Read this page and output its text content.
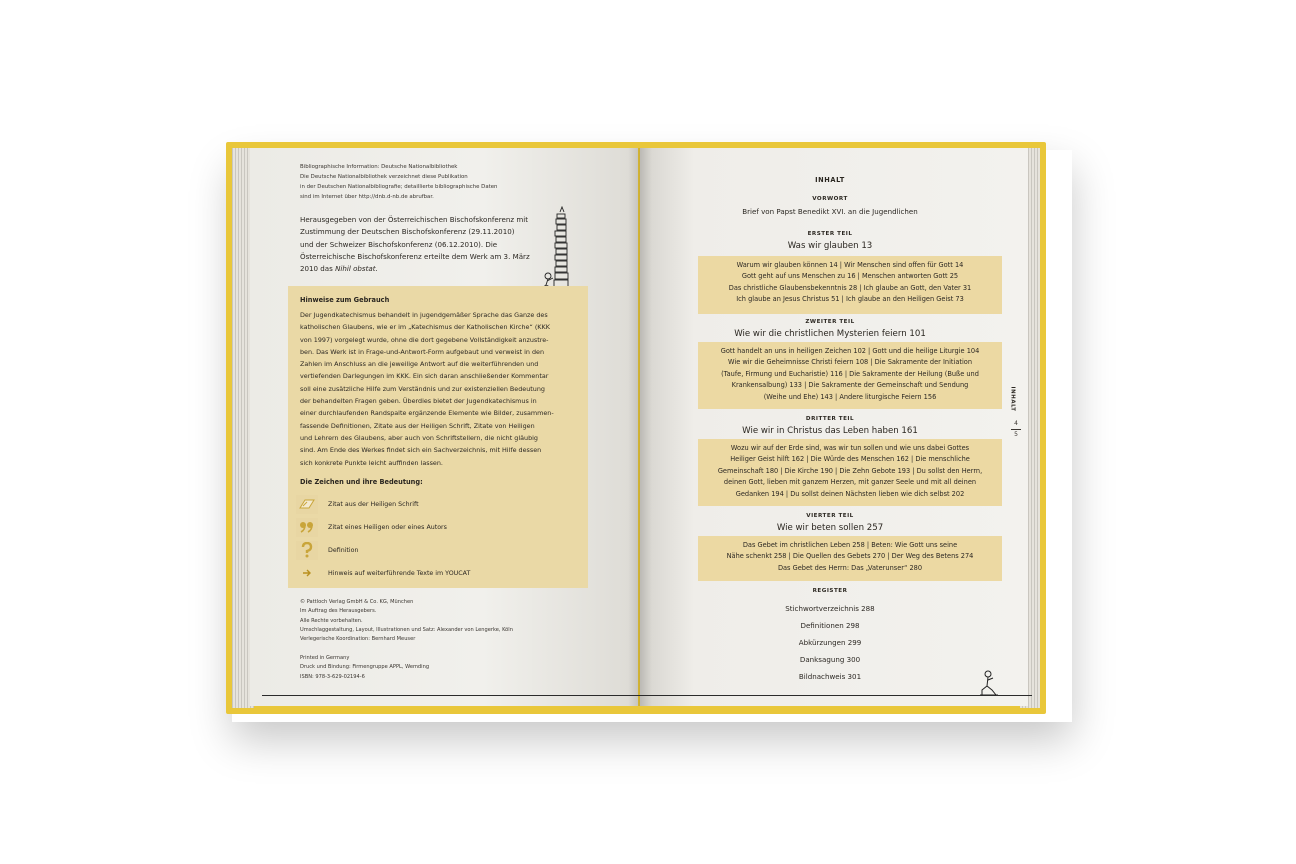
Bibliographische Information: Deutsche Nationalbibliothek
Die Deutsche Nationalbibliothek verzeichnet diese Publikation
in der Deutschen Nationalbibliografie; detaillierte bibliographische Daten
sind im Internet über http://dnb.d-nb.de abrufbar.
Herausgegeben von der Österreichischen Bischofskonferenz mit
Zustimmung der Deutschen Bischofskonferenz (29.11.2010)
und der Schweizer Bischofskonferenz (06.12.2010). Die
Österreichische Bischofskonferenz erteilte dem Werk am 3. März
2010 das Nihil obstat.
Hinweise zum Gebrauch
Der Jugendkatechismus behandelt in jugendgemäßer Sprache das Ganze des
katholischen Glaubens, wie er im „Katechismus der Katholischen Kirche“ (KKK
von 1997) vorgelegt wurde, ohne die dort gegebene Vollständigkeit anzustre-
ben. Das Werk ist in Frage-und-Antwort-Form aufgebaut und verweist in den
Zahlen im Anschluss an die jeweilige Antwort auf die weiterführenden und
vertiefenden Darlegungen im KKK. Ein sich daran anschließender Kommentar
soll eine zusätzliche Hilfe zum Verständnis und zur existenziellen Bedeutung
der behandelten Fragen geben. Überdies bietet der Jugendkatechismus in
einer durchlaufenden Randspalte ergänzende Elemente wie Bilder, zusammen-
fassende Definitionen, Zitate aus der Heiligen Schrift, Zitate von Heiligen
und Lehrern des Glaubens, aber auch von Schriftstellern, die nicht gläubig
sind. Am Ende des Werkes findet sich ein Sachverzeichnis, mit Hilfe dessen
sich konkrete Punkte leicht auffinden lassen.
Die Zeichen und ihre Bedeutung:
Zitat aus der Heiligen Schrift
Zitat eines Heiligen oder eines Autors
Definition
Hinweis auf weiterführende Texte im YOUCAT
© Pattloch Verlag GmbH & Co. KG, München
Im Auftrag des Herausgebers.
Alle Rechte vorbehalten.
Umschlaggestaltung, Layout, Illustrationen und Satz: Alexander von Lengerke, Köln
Verlegerische Koordination: Bernhard Meuser
Printed in Germany
Druck und Bindung: Firmengruppe APPL, Wemding
ISBN: 978-3-629-02194-6
INHALT
VORWORT
Brief von Papst Benedikt XVI. an die Jugendlichen
ERSTER TEIL
Was wir glauben 13
Warum wir glauben können 14 | Wir Menschen sind offen für Gott 14
Gott geht auf uns Menschen zu 16 | Menschen antworten Gott 25
Das christliche Glaubensbekenntnis 28 | Ich glaube an Gott, den Vater 31
Ich glaube an Jesus Christus 51 | Ich glaube an den Heiligen Geist 73
ZWEITER TEIL
Wie wir die christlichen Mysterien feiern 101
Gott handelt an uns in heiligen Zeichen 102 | Gott und die heilige Liturgie 104
Wie wir die Geheimnisse Christi feiern 108 | Die Sakramente der Initiation
(Taufe, Firmung und Eucharistie) 116 | Die Sakramente der Heilung (Buße und
Krankensalbung) 133 | Die Sakramente der Gemeinschaft und Sendung
(Weihe und Ehe) 143 | Andere liturgische Feiern 156
DRITTER TEIL
Wie wir in Christus das Leben haben 161
Wozu wir auf der Erde sind, was wir tun sollen und wie uns dabei Gottes
Heiliger Geist hilft 162 | Die Würde des Menschen 162 | Die menschliche
Gemeinschaft 180 | Die Kirche 190 | Die Zehn Gebote 193 | Du sollst den Herrn,
deinen Gott, lieben mit ganzem Herzen, mit ganzer Seele und mit all deinen
Gedanken 194 | Du sollst deinen Nächsten lieben wie dich selbst 202
VIERTER TEIL
Wie wir beten sollen 257
Das Gebet im christlichen Leben 258 | Beten: Wie Gott uns seine
Nähe schenkt 258 | Die Quellen des Gebets 270 | Der Weg des Betens 274
Das Gebet des Herrn: Das „Vaterunser“ 280
REGISTER
Stichwortverzeichnis 288
Definitionen 298
Abkürzungen 299
Danksagung 300
Bildnachweis 301
INHALT
4
5
